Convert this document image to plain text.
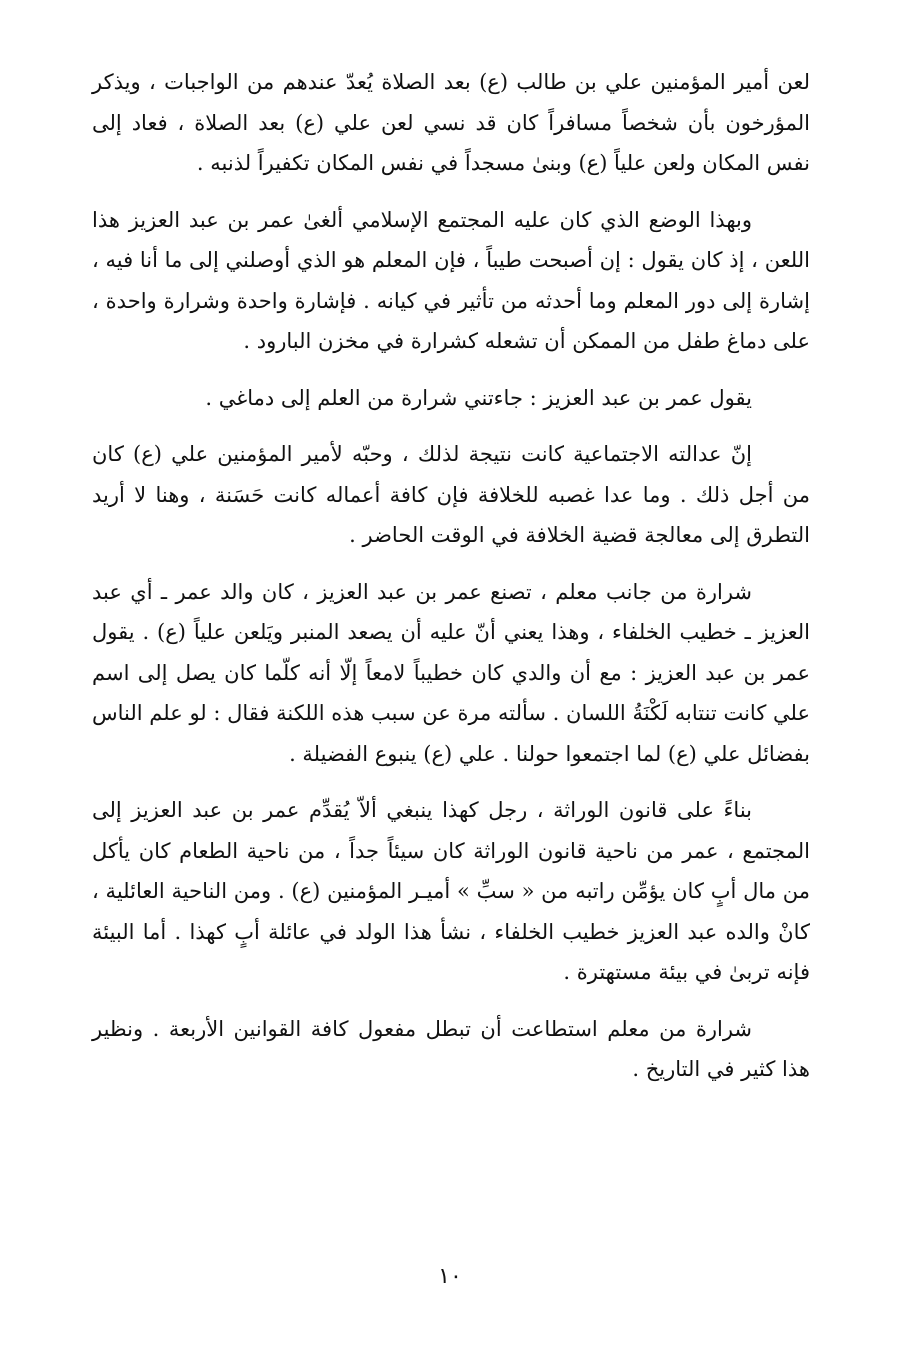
لعن أمير المؤمنين علي بن طالب (ع) بعد الصلاة يُعدّ عندهم من الواجبات ، ويذكر المؤرخون بأن شخصاً مسافراً كان قد نسي لعن علي (ع) بعد الصلاة ، فعاد إلى نفس المكان ولعن علياً (ع) وبنىٰ مسجداً في نفس المكان تكفيراً لذنبه .

وبهذا الوضع الذي كان عليه المجتمع الإسلامي ألغىٰ عمر بن عبد العزيز هذا اللعن ، إذ كان يقول : إن أصبحت طيباً ، فإن المعلم هو الذي أوصلني إلى ما أنا فيه ، إشارة إلى دور المعلم وما أحدثه من تأثير في كيانه . فإشارة واحدة وشرارة واحدة ، على دماغ طفل من الممكن أن تشعله كشرارة في مخزن البارود .

يقول عمر بن عبد العزيز : جاءتني شرارة من العلم إلى دماغي .

إنّ عدالته الاجتماعية كانت نتيجة لذلك ، وحبّه لأمير المؤمنين علي (ع) كان من أجل ذلك . وما عدا غصبه للخلافة فإن كافة أعماله كانت حَسَنة ، وهنا لا أريد التطرق إلى معالجة قضية الخلافة في الوقت الحاضر .

شرارة من جانب معلم ، تصنع عمر بن عبد العزيز ، كان والد عمر ـ أي عبد العزيز ـ خطيب الخلفاء ، وهذا يعني أنّ عليه أن يصعد المنبر ويَلعن علياً (ع) . يقول عمر بن عبد العزيز : مع أن والدي كان خطيباً لامعاً إلّا أنه كلّما كان يصل إلى اسم علي كانت تنتابه لَكْنَةُ اللسان . سألته مرة عن سبب هذه اللكنة فقال : لو علم الناس بفضائل علي (ع) لما اجتمعوا حولنا . علي (ع) ينبوع الفضيلة .

بناءً على قانون الوراثة ، رجل كهذا ينبغي ألاّ يُقدِّم عمر بن عبد العزيز إلى المجتمع ، عمر من ناحية قانون الوراثة كان سيئاً جداً ، من ناحية الطعام كان يأكل من مال أبٍ كان يؤمِّن راتبه من « سبِّ » أميـر المؤمنين (ع) . ومن الناحية العائلية ، كانْ والده عبد العزيز خطيب الخلفاء ، نشأ هذا الولد في عائلة أبٍ كهذا . أما البيئة فإنه تربىٰ في بيئة مستهترة .

شرارة من معلم استطاعت أن تبطل مفعول كافة القوانين الأربعة . ونظير هذا كثير في التاريخ .

١٠
